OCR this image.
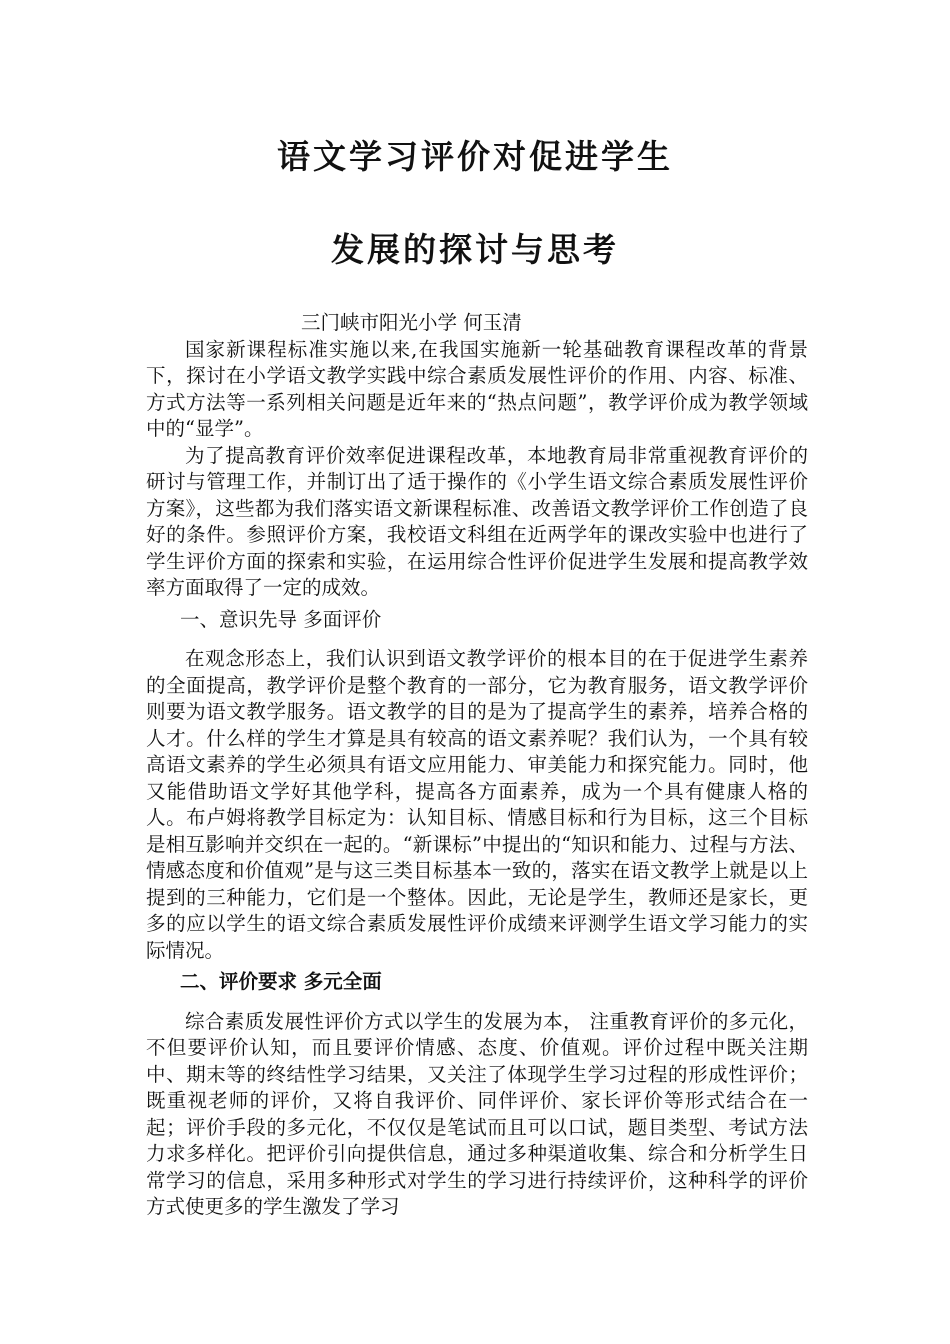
语文学习评价对促进学生
发展的探讨与思考

三门峡市阳光小学 何玉清

国家新课程标准实施以来,在我国实施新一轮基础教育课程改革的背景下，探讨在小学语文教学实践中综合素质发展性评价的作用、内容、标准、方式方法等一系列相关问题是近年来的“热点问题”，教学评价成为教学领域中的“显学”。

为了提高教育评价效率促进课程改革，本地教育局非常重视教育评价的研讨与管理工作，并制订出了适于操作的《小学生语文综合素质发展性评价方案》，这些都为我们落实语文新课程标准、改善语文教学评价工作创造了良好的条件。参照评价方案，我校语文科组在近两学年的课改实验中也进行了学生评价方面的探索和实验，在运用综合性评价促进学生发展和提高教学效率方面取得了一定的成效。

一、意识先导 多面评价

在观念形态上，我们认识到语文教学评价的根本目的在于促进学生素养的全面提高，教学评价是整个教育的一部分，它为教育服务，语文教学评价则要为语文教学服务。语文教学的目的是为了提高学生的素养，培养合格的人才。什么样的学生才算是具有较高的语文素养呢？我们认为，一个具有较高语文素养的学生必须具有语文应用能力、审美能力和探究能力。同时，他又能借助语文学好其他学科，提高各方面素养，成为一个具有健康人格的人。布卢姆将教学目标定为：认知目标、情感目标和行为目标，这三个目标是相互影响并交织在一起的。“新课标”中提出的“知识和能力、过程与方法、情感态度和价值观”是与这三类目标基本一致的，落实在语文教学上就是以上提到的三种能力，它们是一个整体。因此，无论是学生，教师还是家长，更多的应以学生的语文综合素质发展性评价成绩来评测学生语文学习能力的实际情况。

二、评价要求 多元全面

综合素质发展性评价方式以学生的发展为本， 注重教育评价的多元化，不但要评价认知，而且要评价情感、态度、价值观。评价过程中既关注期中、期末等的终结性学习结果，又关注了体现学生学习过程的形成性评价；既重视老师的评价，又将自我评价、同伴评价、家长评价等形式结合在一起；评价手段的多元化，不仅仅是笔试而且可以口试，题目类型、考试方法力求多样化。把评价引向提供信息，通过多种渠道收集、综合和分析学生日常学习的信息，采用多种形式对学生的学习进行持续评价，这种科学的评价方式使更多的学生激发了学习
